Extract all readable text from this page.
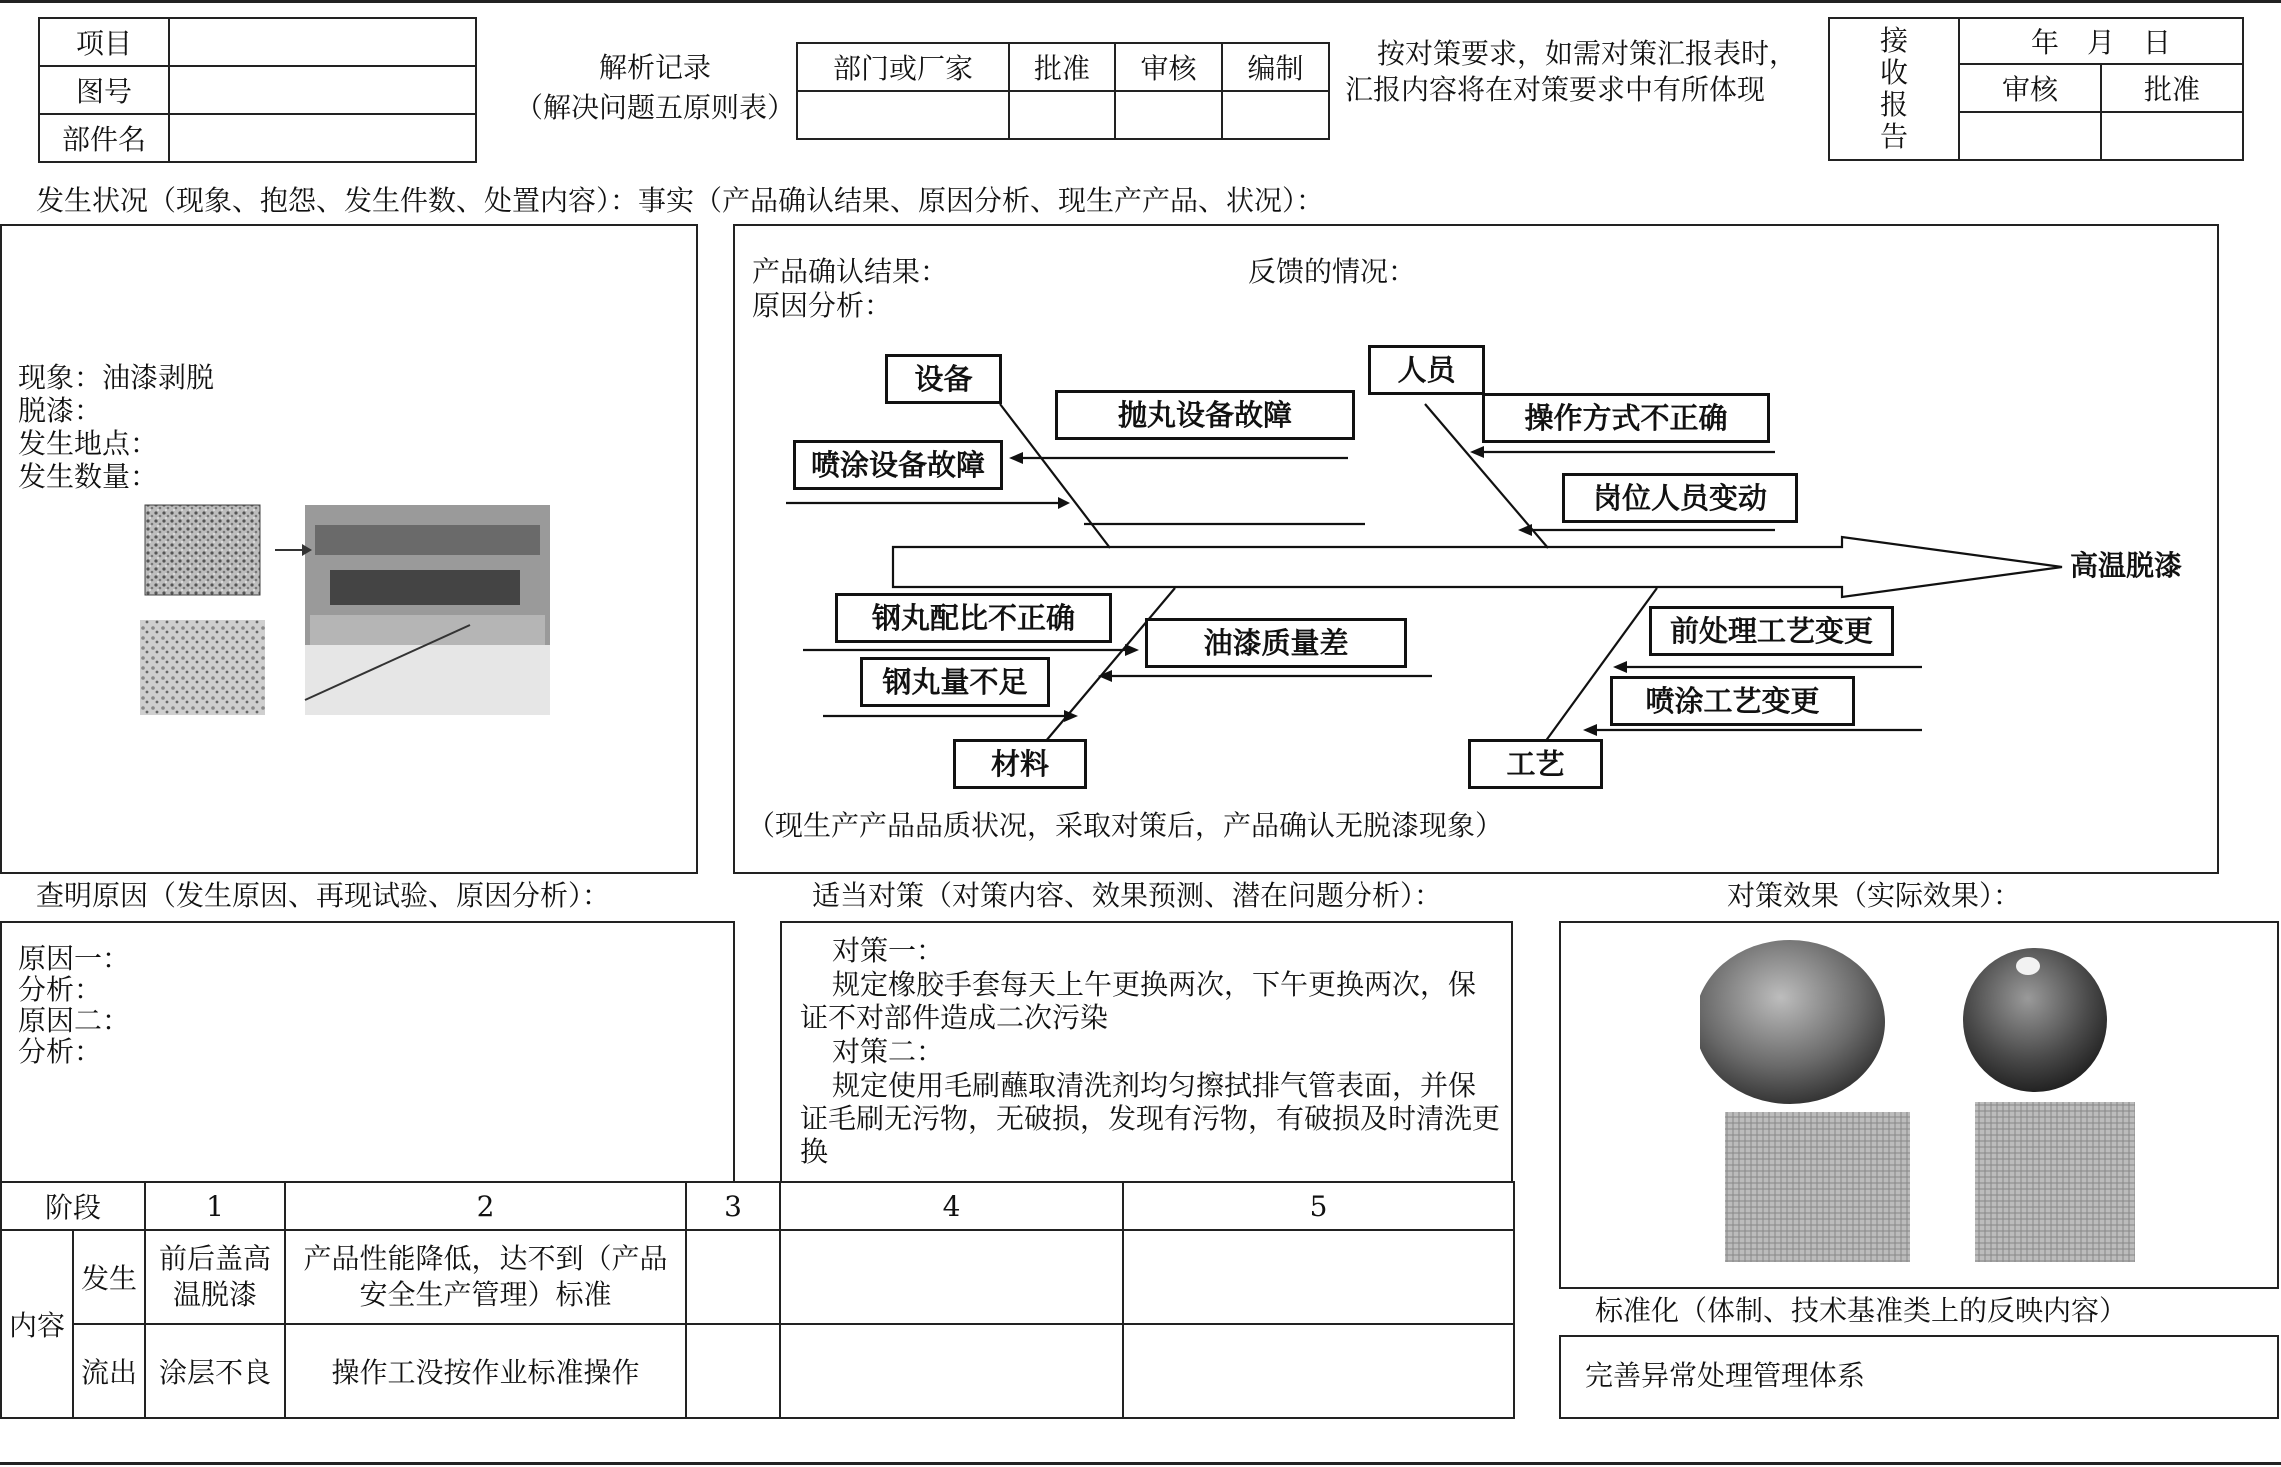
项目	
图号	
部件名	
解析记录
（解决问题五原则表）
部门或厂家	批准	审核	编制
				按对策要求，如需对策汇报表时，汇报内容将在对策要求中有所体现
接
收
报
告	年　月　日	
	审核	批准

发生状况（现象、抱怨、发生件数、处置内容）：事实（产品确认结果、原因分析、现生产产品、状况）：
现象：油漆剥脱
脱漆：
发生地点：
发生数量：
产品确认结果：	反馈的情况：
原因分析：
设备	人员
材料	工艺
抛丸设备故障
喷涂设备故障
操作方式不正确
岗位人员变动
钢丸配比不正确
钢丸量不足
油漆质量差	前处理工艺变更
喷涂工艺变更
高温脱漆
（现生产产品品质状况，采取对策后，产品确认无脱漆现象）
查明原因（发生原因、再现试验、原因分析）：	适当对策（对策内容、效果预测、潜在问题分析）：	对策效果（实际效果）：
原因一：
分析：
原因二：
分析：
对策一：
规定橡胶手套每天上午更换两次，下午更换两次，保证不对部件造成二次污染
对策二：
规定使用毛刷蘸取清洗剂均匀擦拭排气管表面，并保证毛刷无污物，无破损，发现有污物，有破损及时清洗更换
标准化（体制、技术基准类上的反映内容）
完善异常处理管理体系
阶段		1	2	3	4	5
内容	发生	前后盖高温脱漆	产品性能降低，达不到（产品安全生产管理）标准			
	流出	涂层不良	操作工没按作业标准操作			
